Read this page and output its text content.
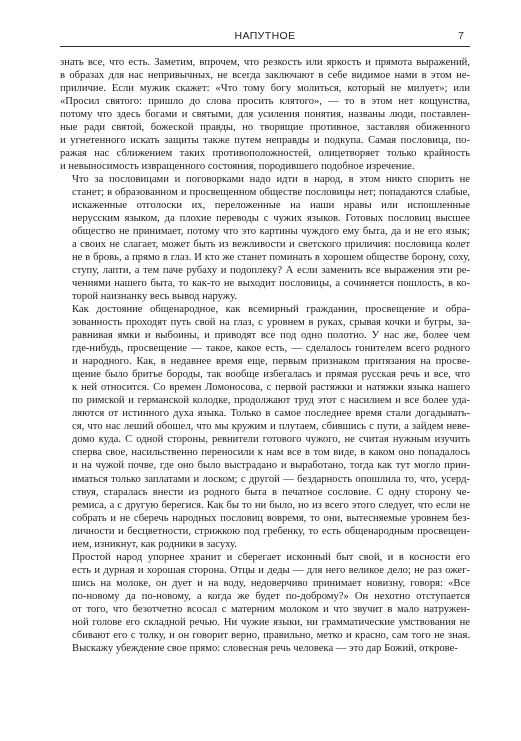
НАПУТНОЕ	7

знать все, что есть. Заметим, впрочем, что резкость или яркость и прямота выражений,
в образах для нас непривычных, не всегда заключают в себе видимое нами в этом не-
приличие. Если мужик скажет: «Что тому богу молиться, который не милует»; или
«Просил святого: пришло до слова просить клятого», — то в этом нет кощунства,
потому что здесь богами и святыми, для усиления понятия, названы люди, поставлен-
ные ради святой, божеской правды, но творящие противное, заставляя обиженного
и угнетенного искать защиты также путем неправды и подкупа. Самая пословица, по-
ражая нас сближением таких противоположностей, олицетворяет только крайность
и невыносимость извращенного состояния, породившего подобное изречение.

Что за пословицами и поговорками надо идти в народ, в этом никто спорить не
станет; в образованном и просвещенном обществе пословицы нет; попадаются слабые,
искаженные отголоски их, переложенные на наши нравы или испошленные
нерусским языком, да плохие переводы с чужих языков. Готовых пословиц высшее
общество не принимает, потому что это картины чуждого ему быта, да и не его язык;
а своих не слагает, может быть из вежливости и светского приличия: пословица колет
не в бровь, а прямо в глаз. И кто же станет поминать в хорошем обществе борону, соху,
ступу, лапти, а тем паче рубаху и подоплеку? А если заменить все выражения эти ре-
чениями нашего быта, то как-то не выходит пословицы, а сочиняется пошлость, в ко-
торой наизнанку весь вывод наружу.

Как достояние общенародное, как всемирный гражданин, просвещение и обра-
зованность проходят путь свой на глаз, с уровнем в руках, срывая кочки и бугры, за-
равнивая ямки и выбоины, и приводят все под одно полотно. У нас же, более чем
где-нибудь, просвещение — такое, какое есть, — сделалось гонителем всего родного
и народного. Как, в недавнее время еще, первым признаком притязания на просве-
щение было бритье бороды, так вообще избегалась и прямая русская речь и все, что
к ней относится. Со времен Ломоносова, с первой растяжки и натяжки языка нашего
по римской и германской колодке, продолжают труд этот с насилием и все более уда-
ляются от истинного духа языка. Только в самое последнее время стали догадывать-
ся, что нас леший обошел, что мы кружим и плутаем, сбившись с пути, а зайдем неве-
домо куда. С одной стороны, ревнители готового чужого, не считая нужным изучить
сперва свое, насильственно переносили к нам все в том виде, в каком оно попадалось
и на чужой почве, где оно было выстрадано и выработано, тогда как тут могло прин-
иматься только заплатами и лоском; с другой — бездарность опошлила то, что, усерд-
ствуя, старалась внести из родного быта в печатное сословие. С одну сторону че-
ремиса, а с другую берегися. Как бы то ни было, но из всего этого следует, что если не
собрать и не сберечь народных пословиц вовремя, то они, вытесняемые уровнем без-
личности и бесцветности, стрижкою под гребенку, то есть общенародным просвещен-
ием, изникнут, как родники в засуху.

Простой народ упорнее хранит и сберегает исконный быт свой, и в косности его
есть и дурная и хорошая сторона. Отцы и деды — для него великое дело; не раз ожег-
шись на молоке, он дует и на воду, недоверчиво принимает новизну, говоря: «Все
по-новому да по-новому, а когда же будет по-доброму?» Он нехотно отступается
от того, что безотчетно всосал с матерним молоком и что звучит в мало натружен-
ной голове его складной речью. Ни чужие языки, ни грамматические умствования не
сбивают его с толку, и он говорит верно, правильно, метко и красно, сам того не зная.
Выскажу убеждение свое прямо: словесная речь человека — это дар Божий, открове-
